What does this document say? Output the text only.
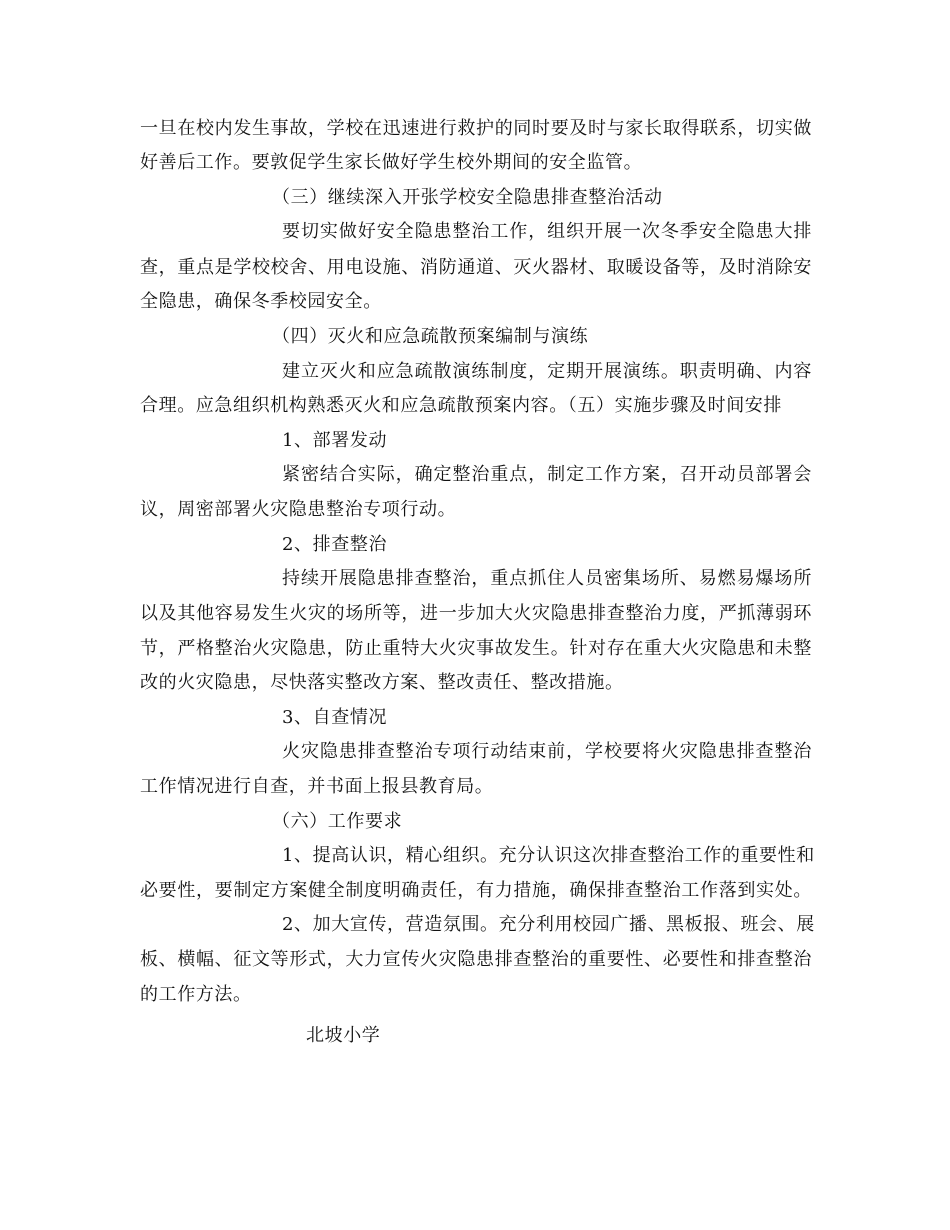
一旦在校内发生事故，学校在迅速进行救护的同时要及时与家长取得联系，切实做
好善后工作。要敦促学生家长做好学生校外期间的安全监管。
（三）继续深入开张学校安全隐患排查整治活动
要切实做好安全隐患整治工作，组织开展一次冬季安全隐患大排
查，重点是学校校舍、用电设施、消防通道、灭火器材、取暖设备等，及时消除安
全隐患，确保冬季校园安全。
（四）灭火和应急疏散预案编制与演练
建立灭火和应急疏散演练制度，定期开展演练。职责明确、内容
合理。应急组织机构熟悉灭火和应急疏散预案内容。（五）实施步骤及时间安排
1、部署发动
紧密结合实际，确定整治重点，制定工作方案，召开动员部署会
议，周密部署火灾隐患整治专项行动。
2、排查整治
持续开展隐患排查整治，重点抓住人员密集场所、易燃易爆场所
以及其他容易发生火灾的场所等，进一步加大火灾隐患排查整治力度，严抓薄弱环
节，严格整治火灾隐患，防止重特大火灾事故发生。针对存在重大火灾隐患和未整
改的火灾隐患，尽快落实整改方案、整改责任、整改措施。
3、自查情况
火灾隐患排查整治专项行动结束前，学校要将火灾隐患排查整治
工作情况进行自查，并书面上报县教育局。
（六）工作要求
1、提高认识，精心组织。充分认识这次排查整治工作的重要性和
必要性，要制定方案健全制度明确责任，有力措施，确保排查整治工作落到实处。
2、加大宣传，营造氛围。充分利用校园广播、黑板报、班会、展
板、横幅、征文等形式，大力宣传火灾隐患排查整治的重要性、必要性和排查整治
的工作方法。
北坡小学
